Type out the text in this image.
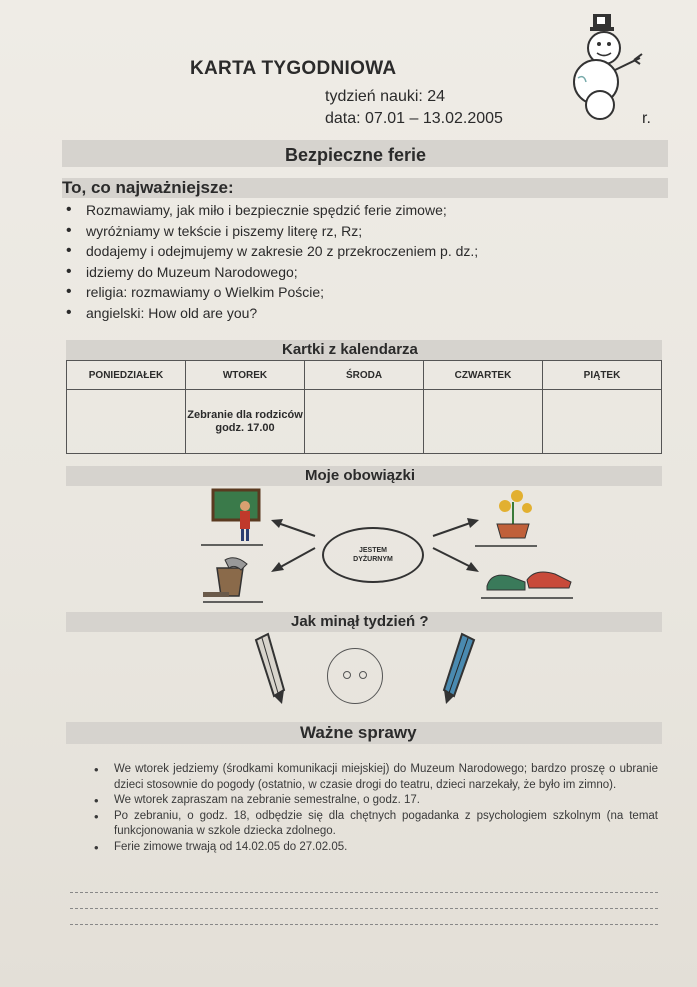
KARTA TYGODNIOWA
tydzień nauki: 24
data: 07.01 – 13.02.2005	r.
Bezpieczne ferie
To, co najważniejsze:
• Rozmawiamy, jak miło i bezpiecznie spędzić ferie zimowe;
• wyróżniamy w tekście i piszemy literę rz, Rz;
• dodajemy i odejmujemy w zakresie 20 z przekroczeniem p. dz.;
• idziemy do Muzeum Narodowego;
• religia: rozmawiamy o Wielkim Poście;
• angielski: How old are you?
Kartki z kalendarza
PONIEDZIAŁEK	WTOREK	ŚRODA	CZWARTEK	PIĄTEK
	Zebranie dla rodziców godz. 17.00			
Moje obowiązki
JESTEM
DYŻURNYM
Jak minął tydzień ?
Ważne sprawy
• We wtorek jedziemy (środkami komunikacji miejskiej) do Muzeum Narodowego; bardzo proszę o ubranie dzieci stosownie do pogody (ostatnio, w czasie drogi do teatru, dzieci narzekały, że było im zimno).
• We wtorek zapraszam na zebranie semestralne, o godz. 17.
• Po zebraniu, o godz. 18, odbędzie się dla chętnych pogadanka z psychologiem szkolnym (na temat funkcjonowania w szkole dziecka zdolnego.
• Ferie zimowe trwają od 14.02.05 do 27.02.05.
